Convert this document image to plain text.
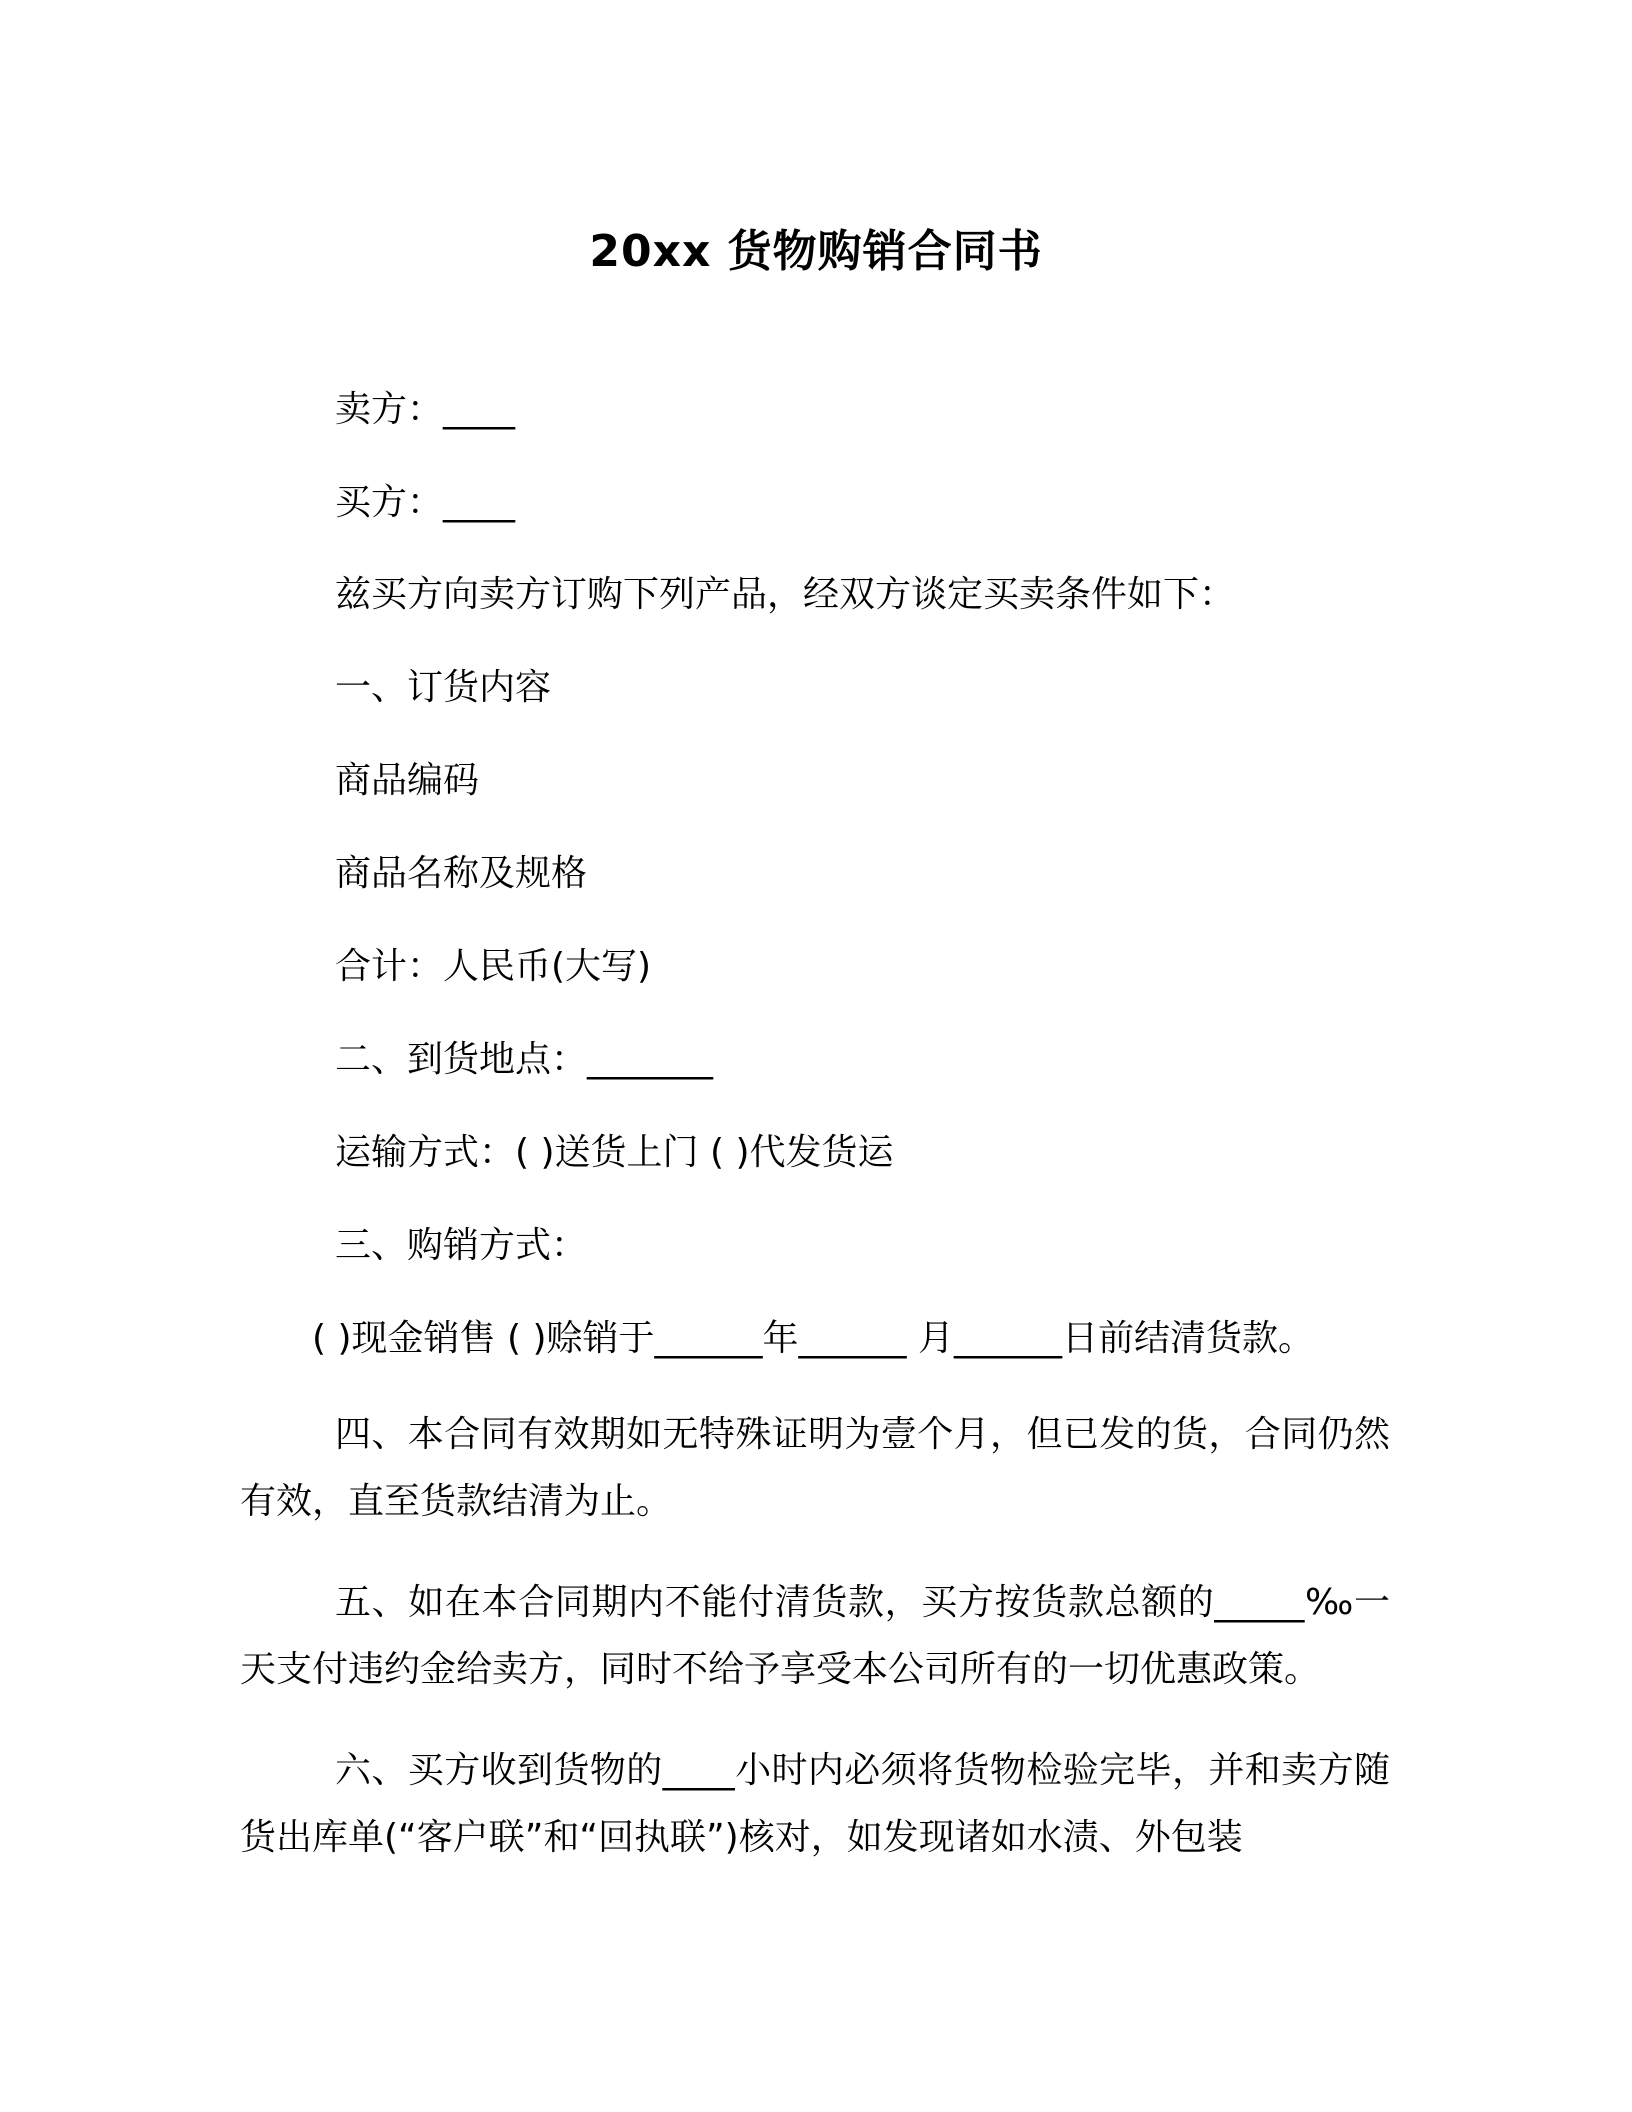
20xx 货物购销合同书
卖方：____
买方：____
兹买方向卖方订购下列产品，经双方谈定买卖条件如下：
一、订货内容
商品编码
商品名称及规格
合计：人民币(大写)
二、到货地点：_______
运输方式：( )送货上门 ( )代发货运
三、购销方式：
( )现金销售 ( )赊销于______年______ 月______日前结清货款。
四、本合同有效期如无特殊证明为壹个月，但已发的货，合同仍然有效，直至货款结清为止。
五、如在本合同期内不能付清货款，买方按货款总额的_____‰一天支付违约金给卖方，同时不给予享受本公司所有的一切优惠政策。
六、买方收到货物的____小时内必须将货物检验完毕，并和卖方随货出库单(“客户联”和“回执联”)核对，如发现诸如水渍、外包装
